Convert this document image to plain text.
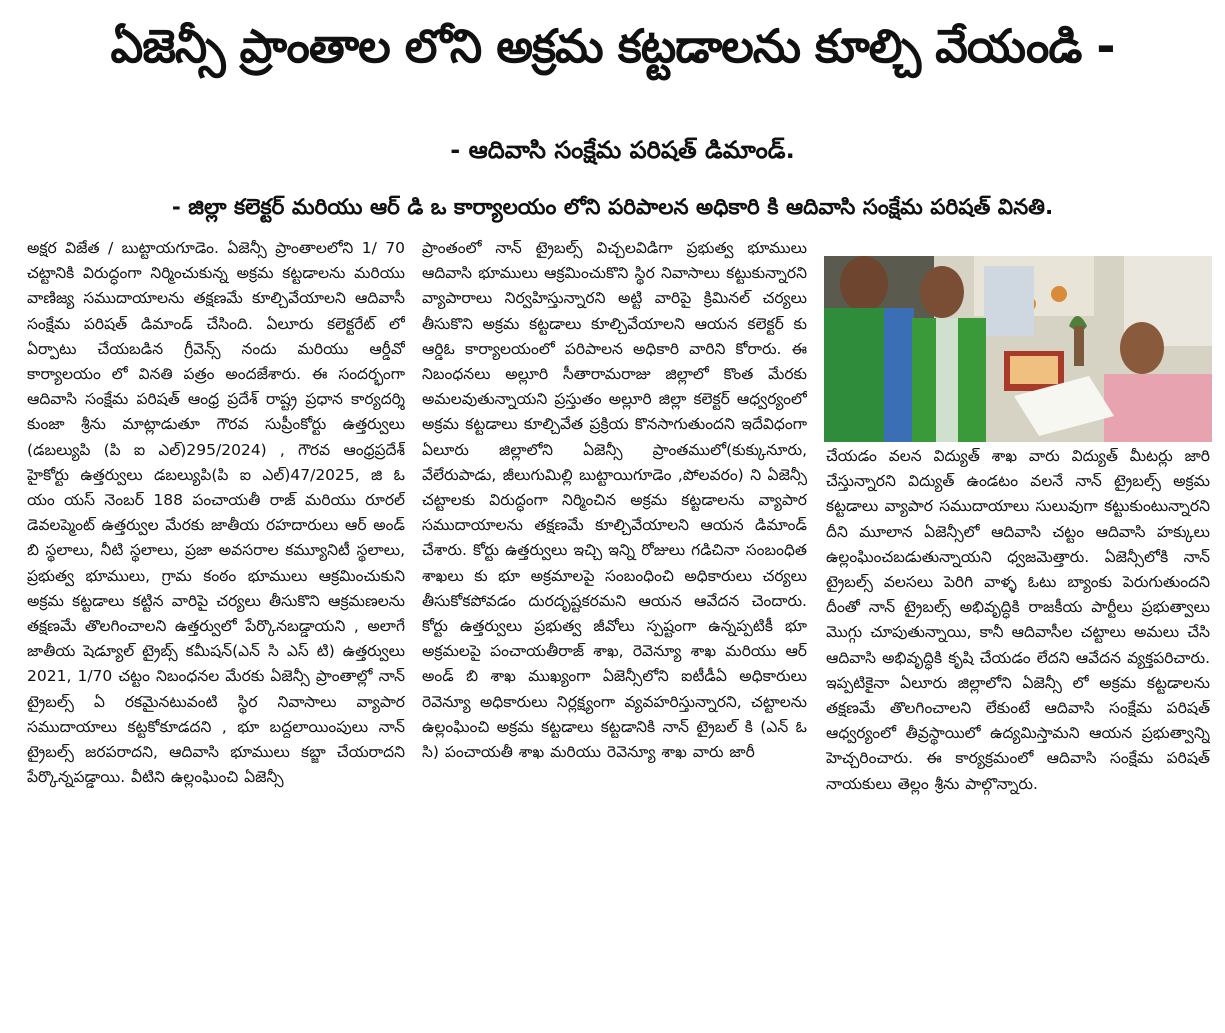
ఏజెన్సీ ప్రాంతాల లోని అక్రమ కట్టడాలను కూల్చి వేయండి -
- ఆదివాసి సంక్షేమ పరిషత్ డిమాండ్.
- జిల్లా కలెక్టర్ మరియు ఆర్ డి ఒ కార్యాలయం లోని పరిపాలన అధికారి కి ఆదివాసి సంక్షేమ పరిషత్ వినతి.

అక్షర విజేత / బుట్టాయగూడెం. ఏజెన్సీ ప్రాంతాలలోని 1/ 70 చట్టానికి విరుద్ధంగా నిర్మించుకున్న అక్రమ కట్టడాలను మరియు వాణిజ్య సముదాయాలను తక్షణమే కూల్చివేయాలని ఆదివాసీ సంక్షేమ పరిషత్ డిమాండ్ చేసింది. ఏలూరు కలెక్టరేట్ లో ఏర్పాటు చేయబడిన గ్రీవెన్స్ నందు మరియు ఆర్డీవో కార్యాలయం లో వినతి పత్రం అందజేశారు. ఈ సందర్భంగా ఆదివాసి సంక్షేమ పరిషత్ ఆంధ్ర ప్రదేశ్ రాష్ట్ర ప్రధాన కార్యదర్శి కుంజా శ్రీను మాట్లాడుతూ గౌరవ సుప్రీంకోర్టు ఉత్తర్వులు (డబల్యుపి (పి ఐ ఎల్)295/2024) , గౌరవ ఆంధ్రప్రదేశ్ హైకోర్టు ఉత్తర్వులు డబల్యుపి(పి ఐ ఎల్)47/2025, జి ఓ యం యస్ నెంబర్ 188 పంచాయతీ రాజ్ మరియు రూరల్ డెవలప్మెంట్ ఉత్తర్వుల మేరకు జాతీయ రహదారులు ఆర్ అండ్ బి స్థలాలు, నీటి స్థలాలు, ప్రజా అవసరాల కమ్యూనిటీ స్థలాలు, ప్రభుత్వ భూములు, గ్రామ కంఠం భూములు ఆక్రమించుకుని అక్రమ కట్టడాలు కట్టిన వారిపై చర్యలు తీసుకొని ఆక్రమణలను తక్షణమే తొలగించాలని ఉత్తర్వులో పేర్కొనబడ్డాయని , అలాగే జాతీయ షెడ్యూల్ ట్రైబ్స్ కమీషన్(ఎన్ సి ఎస్ టి) ఉత్తర్వులు 2021, 1/70 చట్టం నిబంధనల మేరకు ఏజెన్సీ ప్రాంతాల్లో నాన్ ట్రైబల్స్ ఏ రకమైనటువంటి స్థిర నివాసాలు వ్యాపార సముదాయాలు కట్టకోకూడదని , భూ బద్దలాయింపులు నాన్ ట్రైబల్స్ జరపరాదని, ఆదివాసి భూములు కబ్జా చేయరాదని పేర్కొన్నపడ్డాయి. వీటిని ఉల్లంఘించి ఏజెన్సీ

ప్రాంతంలో నాన్ ట్రైబల్స్ విచ్చలవిడిగా ప్రభుత్వ భూములు ఆదివాసి భూములు ఆక్రమించుకొని స్థిర నివాసాలు కట్టుకున్నారని వ్యాపారాలు నిర్వహిస్తున్నారని అట్టి వారిపై క్రిమినల్ చర్యలు తీసుకొని అక్రమ కట్టడాలు కూల్చివేయాలని ఆయన కలెక్టర్ కు ఆర్డిఓ కార్యాలయంలో పరిపాలన అధికారి వారిని కోరారు. ఈ నిబంధనలు అల్లూరి సీతారామరాజు జిల్లాలో కొంత మేరకు అమలవుతున్నాయని ప్రస్తుతం అల్లూరి జిల్లా కలెక్టర్ ఆధ్వర్యంలో అక్రమ కట్టడాలు కూల్చివేత ప్రక్రియ కొనసాగుతుందని ఇదేవిధంగా ఏలూరు జిల్లాలోని ఏజెన్సీ ప్రాంతములో(కుక్కునూరు, వేలేరుపాడు, జీలుగుమిల్లి బుట్టాయిగూడెం ,పోలవరం) ని ఏజెన్సీ చట్టాలకు విరుద్ధంగా నిర్మించిన అక్రమ కట్టడాలను వ్యాపార సముదాయాలను తక్షణమే కూల్చివేయాలని ఆయన డిమాండ్ చేశారు. కోర్టు ఉత్తర్వులు ఇచ్చి ఇన్ని రోజులు గడిచినా సంబంధిత శాఖలు కు భూ అక్రమాలపై సంబంధించి అధికారులు చర్యలు తీసుకోకపోవడం దురదృష్టకరమని ఆయన ఆవేదన చెందారు. కోర్టు ఉత్తర్వులు ప్రభుత్వ జీవోలు స్పష్టంగా ఉన్నప్పటికీ భూ అక్రమలపై పంచాయతీరాజ్ శాఖ, రెవెన్యూ శాఖ మరియు ఆర్ అండ్ బి శాఖ ముఖ్యంగా ఏజెన్సీలోని ఐటీడీఏ అధికారులు రెవెన్యూ అధికారులు నిర్లక్ష్యంగా వ్యవహరిస్తున్నారని, చట్టాలను ఉల్లంఘించి అక్రమ కట్టడాలు కట్టడానికి నాన్ ట్రైబల్ కి (ఎన్ ఓ సి) పంచాయతీ శాఖ మరియు రెవెన్యూ శాఖ వారు జారీ

చేయడం వలన విద్యుత్ శాఖ వారు విద్యుత్ మీటర్లు జారి చేస్తున్నారని విద్యుత్ ఉండటం వలనే నాన్ ట్రైబల్స్ అక్రమ కట్టడాలు వ్యాపార సముదాయాలు సులువుగా కట్టుకుంటున్నారని దీని మూలాన ఏజెన్సీలో ఆదివాసి చట్టం ఆదివాసి హక్కులు ఉల్లంఘించబడుతున్నాయని ధ్వజమెత్తారు. ఏజెన్సీలోకి నాన్ ట్రైబల్స్ వలసలు పెరిగి వాళ్ళ ఓటు బ్యాంకు పెరుగుతుందని దీంతో నాన్ ట్రైబల్స్ అభివృద్ధికి రాజకీయ పార్టీలు ప్రభుత్వాలు మొగ్గు చూపుతున్నాయి, కానీ ఆదివాసీల చట్టాలు అమలు చేసి ఆదివాసి అభివృద్ధికి కృషి చేయడం లేదని ఆవేదన వ్యక్తపరిచారు. ఇప్పటికైనా ఏలూరు జిల్లాలోని ఏజెన్సీ లో అక్రమ కట్టడాలను తక్షణమే తొలగించాలని లేకుంటే ఆదివాసి సంక్షేమ పరిషత్ ఆధ్వర్యంలో తీవ్రస్థాయిలో ఉద్యమిస్తామని ఆయన ప్రభుత్వాన్ని హెచ్చరించారు. ఈ కార్యక్రమంలో ఆదివాసి సంక్షేమ పరిషత్ నాయకులు తెల్లం శ్రీను పాల్గొన్నారు.
